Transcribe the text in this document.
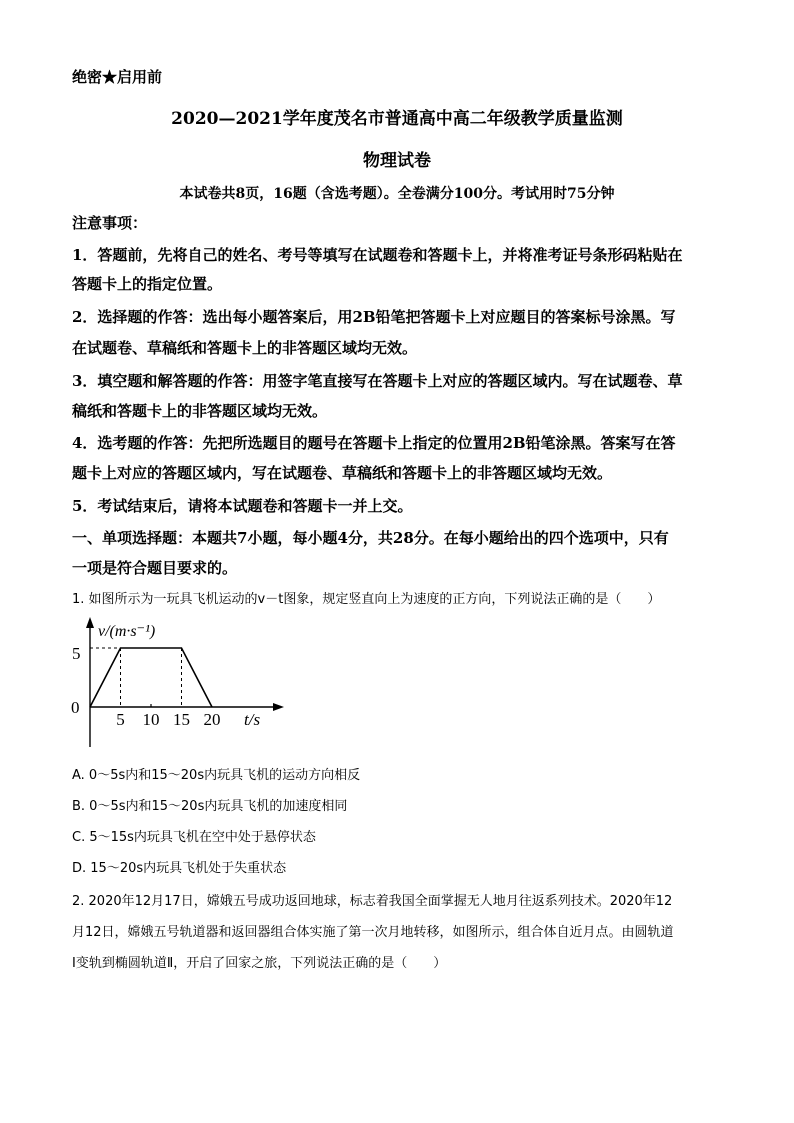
绝密★启用前
2020—2021学年度茂名市普通高中高二年级教学质量监测
物理试卷
本试卷共8页，16题（含选考题）。全卷满分100分。考试用时75分钟
注意事项：
1．答题前，先将自己的姓名、考号等填写在试题卷和答题卡上，并将准考证号条形码粘贴在
答题卡上的指定位置。
2．选择题的作答：选出每小题答案后，用2B铅笔把答题卡上对应题目的答案标号涂黑。写
在试题卷、草稿纸和答题卡上的非答题区域均无效。
3．填空题和解答题的作答：用签字笔直接写在答题卡上对应的答题区域内。写在试题卷、草
稿纸和答题卡上的非答题区域均无效。
4．选考题的作答：先把所选题目的题号在答题卡上指定的位置用2B铅笔涂黑。答案写在答
题卡上对应的答题区域内，写在试题卷、草稿纸和答题卡上的非答题区域均无效。
5．考试结束后，请将本试题卷和答题卡一并上交。
一、单项选择题：本题共7小题，每小题4分，共28分。在每小题给出的四个选项中，只有
一项是符合题目要求的。
1. 如图所示为一玩具飞机运动的v－t图象，规定竖直向上为速度的正方向，下列说法正确的是（　　）
v/(m·s⁻¹)
5
0
5 10 15 20 t/s
A. 0～5s内和15～20s内玩具飞机的运动方向相反
B. 0～5s内和15～20s内玩具飞机的加速度相同
C. 5～15s内玩具飞机在空中处于悬停状态
D. 15～20s内玩具飞机处于失重状态
2. 2020年12月17日，嫦娥五号成功返回地球，标志着我国全面掌握无人地月往返系列技术。2020年12
月12日，嫦娥五号轨道器和返回器组合体实施了第一次月地转移，如图所示，组合体自近月点。由圆轨道
Ⅰ变轨到椭圆轨道Ⅱ，开启了回家之旅，下列说法正确的是（　　）
